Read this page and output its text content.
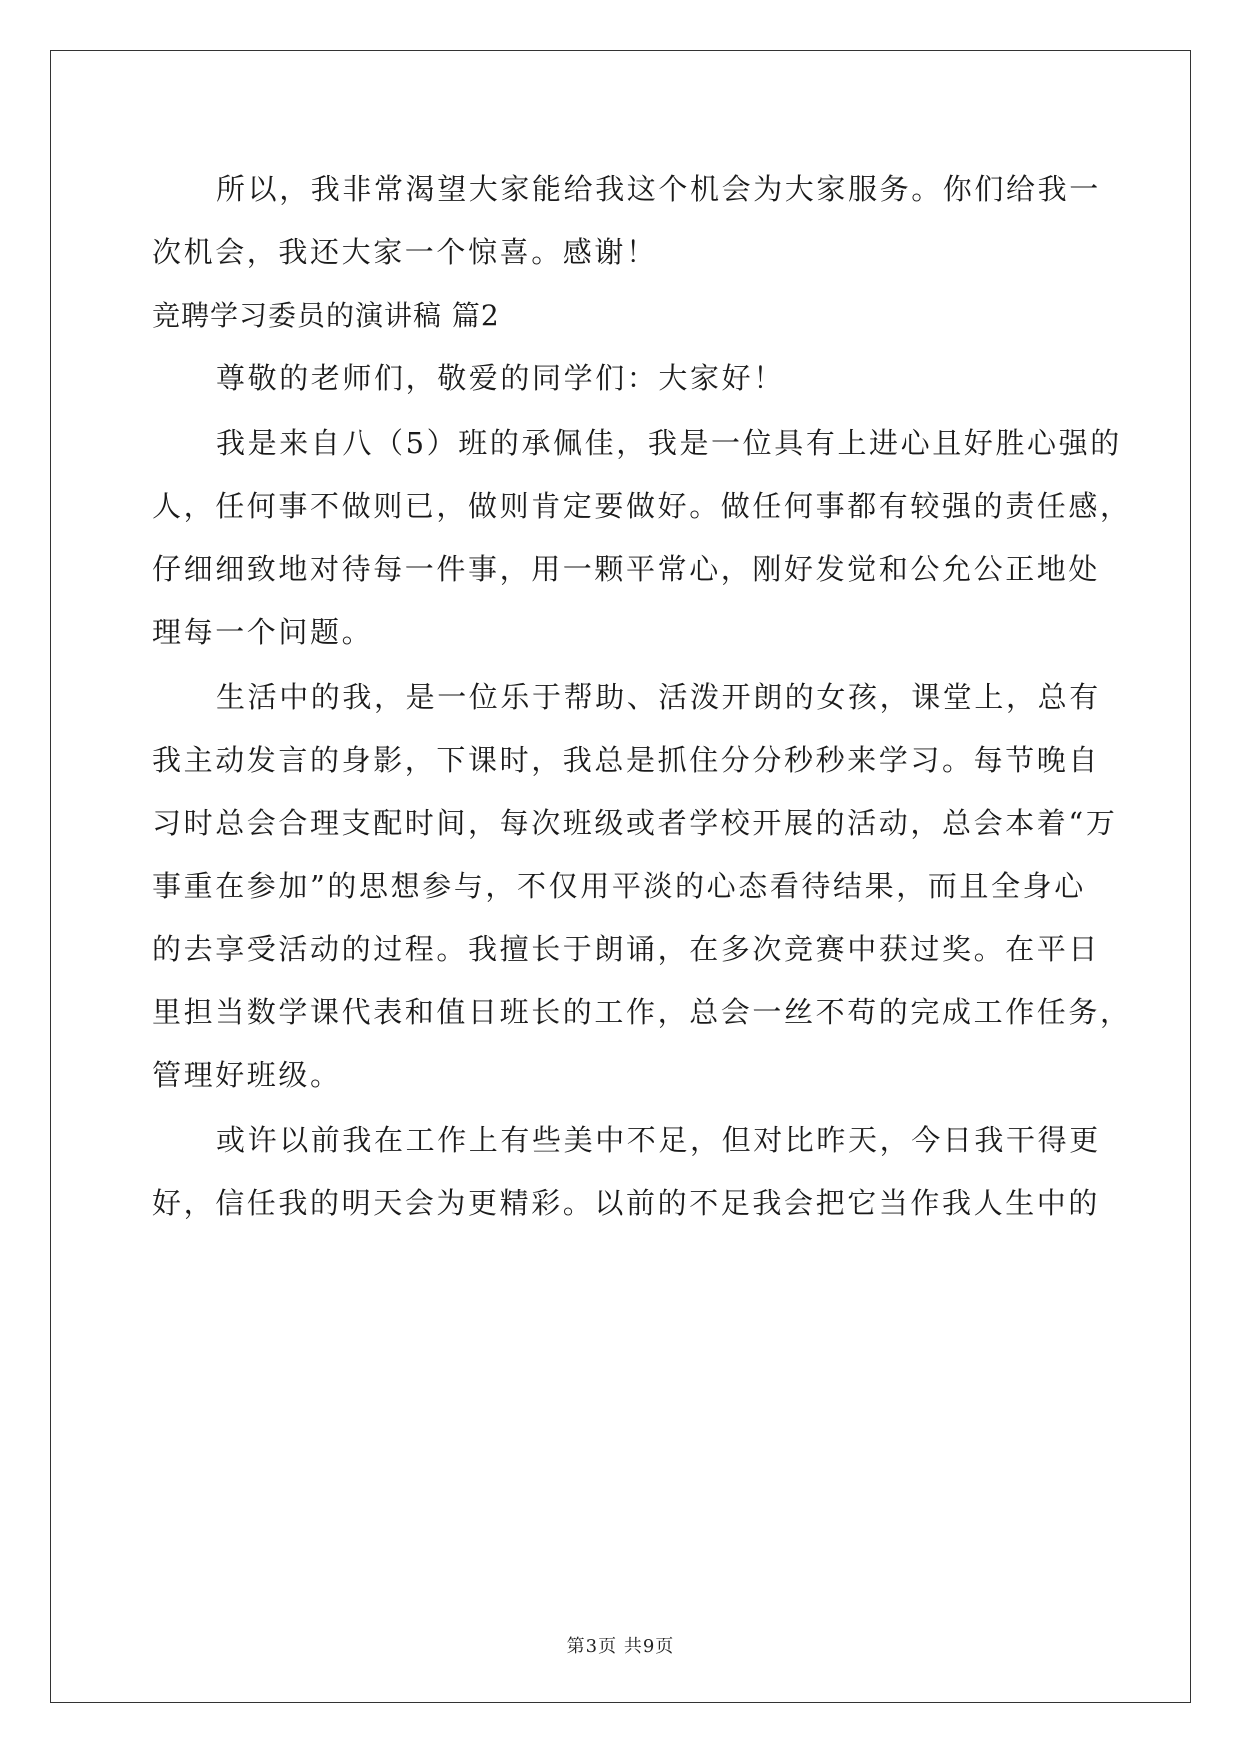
所以，我非常渴望大家能给我这个机会为大家服务。你们给我一
次机会，我还大家一个惊喜。感谢！
竞聘学习委员的演讲稿 篇2
尊敬的老师们，敬爱的同学们：大家好！
我是来自八（5）班的承佩佳，我是一位具有上进心且好胜心强的
人，任何事不做则已，做则肯定要做好。做任何事都有较强的责任感，
仔细细致地对待每一件事，用一颗平常心，刚好发觉和公允公正地处
理每一个问题。
生活中的我，是一位乐于帮助、活泼开朗的女孩，课堂上，总有
我主动发言的身影，下课时，我总是抓住分分秒秒来学习。每节晚自
习时总会合理支配时间，每次班级或者学校开展的活动，总会本着“万
事重在参加”的思想参与，不仅用平淡的心态看待结果，而且全身心
的去享受活动的过程。我擅长于朗诵，在多次竞赛中获过奖。在平日
里担当数学课代表和值日班长的工作，总会一丝不苟的完成工作任务，
管理好班级。
或许以前我在工作上有些美中不足，但对比昨天，今日我干得更
好，信任我的明天会为更精彩。以前的不足我会把它当作我人生中的
第3页 共9页
